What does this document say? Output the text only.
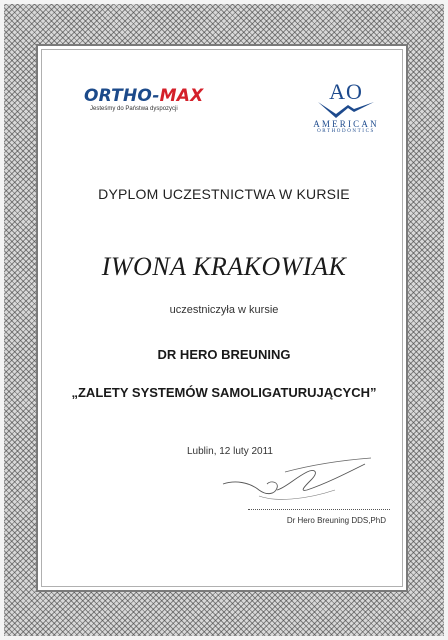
ORTHO-MAX
Jesteśmy do Państwa dyspozycji
AO
AMERICAN
ORTHODONTICS
DYPLOM UCZESTNICTWA W KURSIE
IWONA KRAKOWIAK
uczestniczyła w kursie
DR HERO BREUNING
„ZALETY SYSTEMÓW SAMOLIGATURUJĄCYCH”
Lublin, 12 luty 2011
Dr Hero Breuning DDS,PhD
